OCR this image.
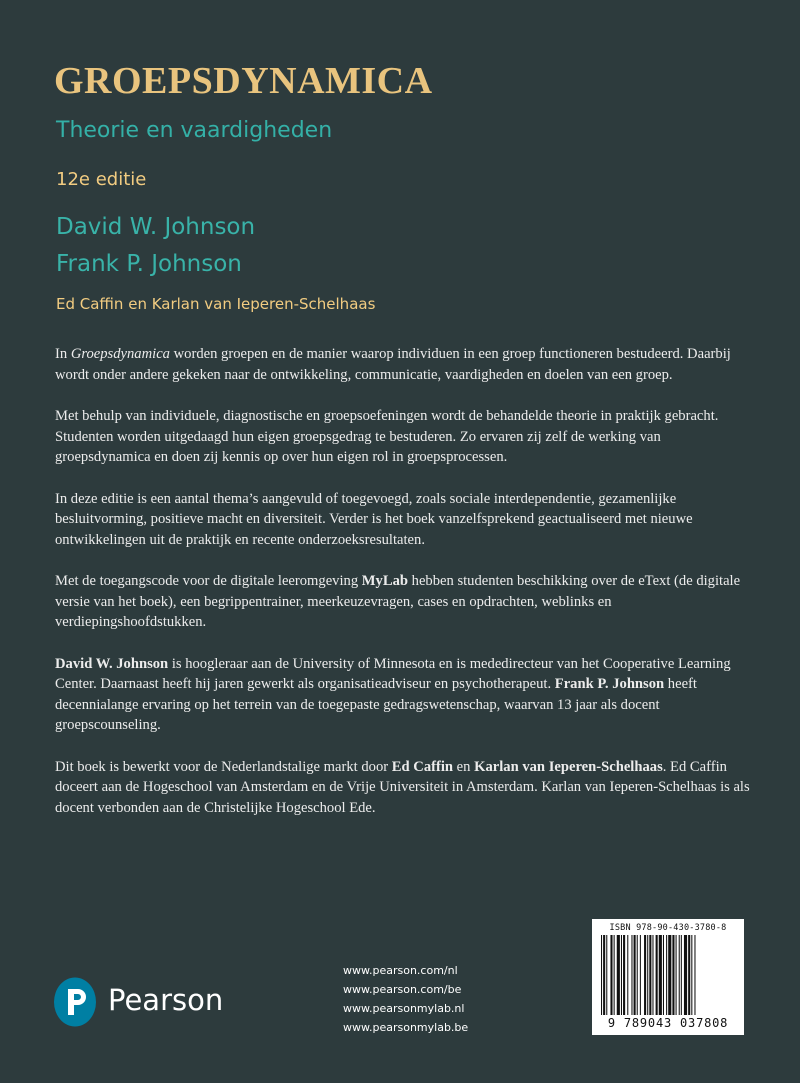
GROEPSDYNAMICA
Theorie en vaardigheden
12e editie
David W. Johnson
Frank P. Johnson
Ed Caffin en Karlan van Ieperen-Schelhaas

In Groepsdynamica worden groepen en de manier waarop individuen in een groep functioneren bestudeerd. Daarbij wordt onder andere gekeken naar de ontwikkeling, communicatie, vaardigheden en doelen van een groep.

Met behulp van individuele, diagnostische en groepsoefeningen wordt de behandelde theorie in praktijk gebracht. Studenten worden uitgedaagd hun eigen groepsgedrag te bestuderen. Zo ervaren zij zelf de werking van groepsdynamica en doen zij kennis op over hun eigen rol in groepsprocessen.

In deze editie is een aantal thema’s aangevuld of toegevoegd, zoals sociale interdependentie, gezamenlijke besluitvorming, positieve macht en diversiteit. Verder is het boek vanzelfsprekend geactualiseerd met nieuwe ontwikkelingen uit de praktijk en recente onderzoeksresultaten.

Met de toegangscode voor de digitale leeromgeving MyLab hebben studenten beschikking over de eText (de digitale versie van het boek), een begrippentrainer, meerkeuzevragen, cases en opdrachten, weblinks en verdiepingshoofdstukken.

David W. Johnson is hoogleraar aan de University of Minnesota en is mededirecteur van het Cooperative Learning Center. Daarnaast heeft hij jaren gewerkt als organisatieadviseur en psychotherapeut. Frank P. Johnson heeft decennialange ervaring op het terrein van de toegepaste gedragswetenschap, waarvan 13 jaar als docent groepscounseling.

Dit boek is bewerkt voor de Nederlandstalige markt door Ed Caffin en Karlan van Ieperen-Schelhaas. Ed Caffin doceert aan de Hogeschool van Amsterdam en de Vrije Universiteit in Amsterdam. Karlan van Ieperen-Schelhaas is als docent verbonden aan de Christelijke Hogeschool Ede.

Pearson
www.pearson.com/nl
www.pearson.com/be
www.pearsonmylab.nl
www.pearsonmylab.be
ISBN 978-90-430-3780-8
9 789043 037808
